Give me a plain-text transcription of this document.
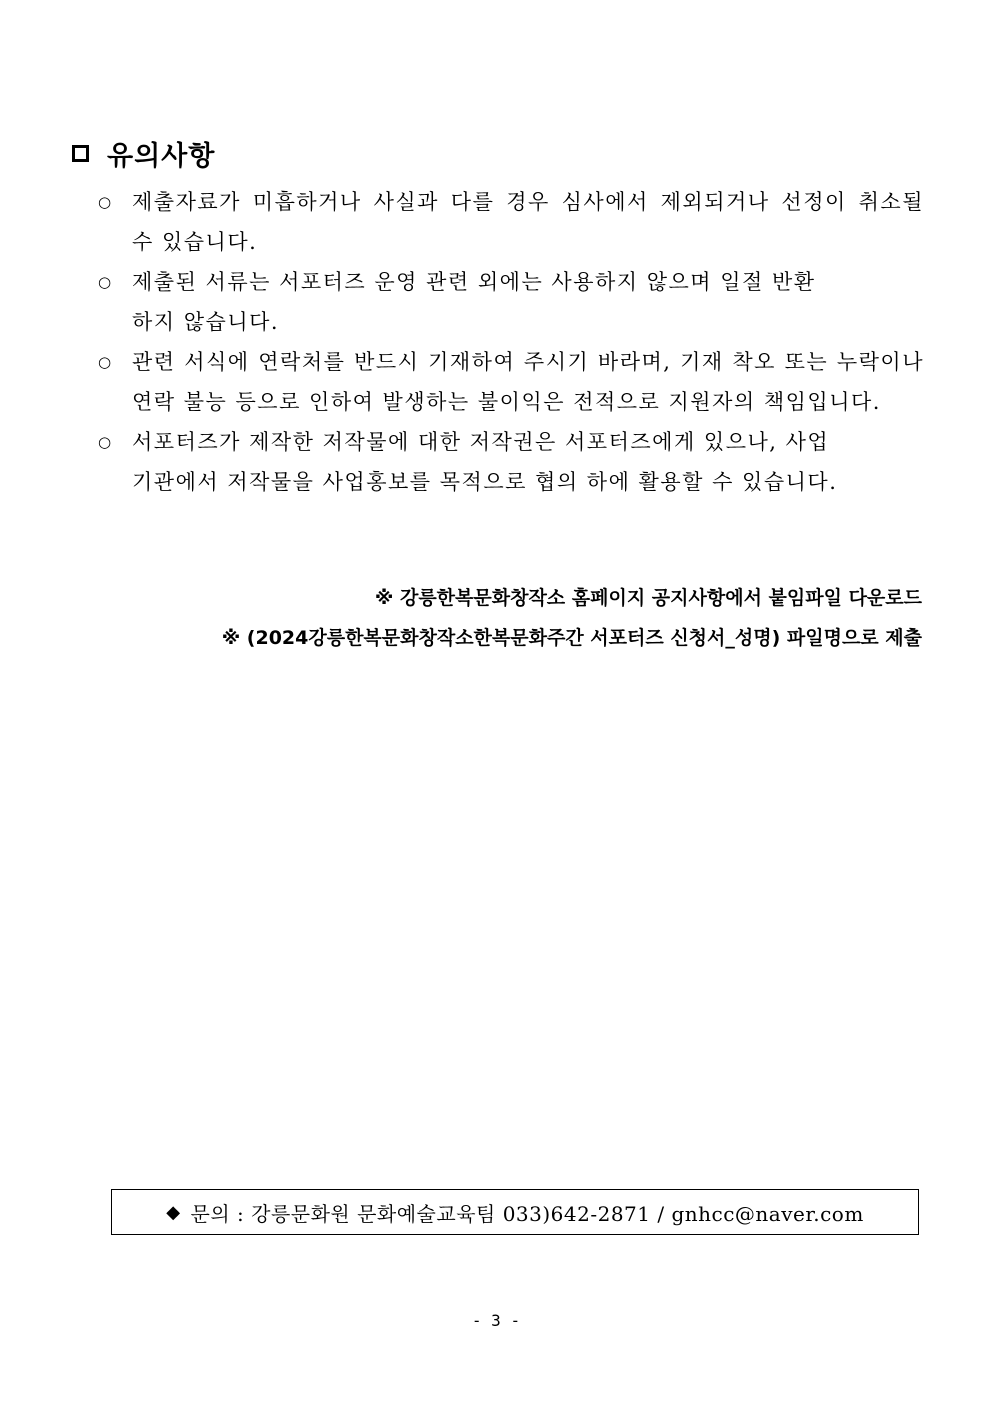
유의사항
○ 제출자료가 미흡하거나 사실과 다를 경우 심사에서 제외되거나 선정이 취소될 수 있습니다.
○ 제출된 서류는 서포터즈 운영 관련 외에는 사용하지 않으며 일절 반환
하지 않습니다.
○ 관련 서식에 연락처를 반드시 기재하여 주시기 바라며, 기재 착오 또는 누락이나 연락 불능 등으로 인하여 발생하는 불이익은 전적으로 지원자의 책임입니다.
○ 서포터즈가 제작한 저작물에 대한 저작권은 서포터즈에게 있으나, 사업
기관에서 저작물을 사업홍보를 목적으로 협의 하에 활용할 수 있습니다.
※ 강릉한복문화창작소 홈페이지 공지사항에서 붙임파일 다운로드
※ (2024강릉한복문화창작소한복문화주간 서포터즈 신청서_성명) 파일명으로 제출
◆ 문의 : 강릉문화원 문화예술교육팀 033)642-2871 / gnhcc@naver.com
- 3 -
